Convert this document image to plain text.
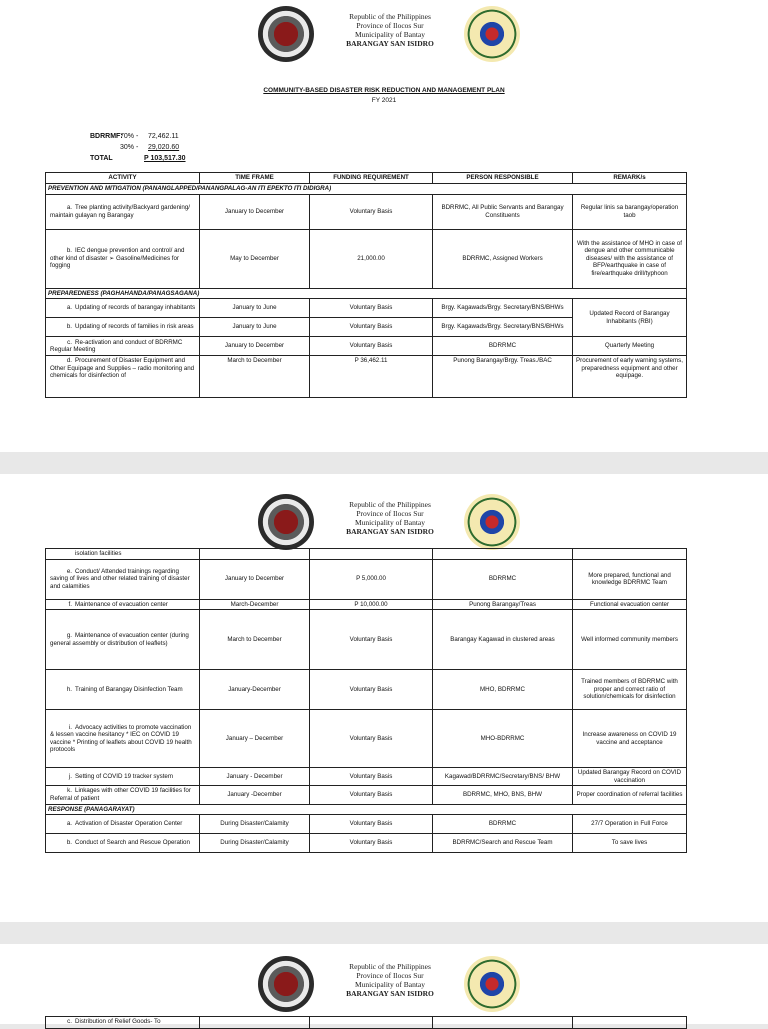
Republic of the Philippines
Province of Ilocos Sur
Municipality of Bantay
BARANGAY SAN ISIDRO
COMMUNITY-BASED DISASTER RISK REDUCTION AND MANAGEMENT PLAN
FY 2021
BDRRMF:
70% - 72,462.11
30% - 29,020.60
TOTAL	P 103,517.30
ACTIVITY	TIME FRAME	FUNDING REQUIREMENT	PERSON RESPONSIBLE	REMARK/s
PREVENTION AND MITIGATION (PANANGLAPPED/PANANGPALAG-AN ITI EPEKTO ITI DIDIGRA)				
a. Tree planting activity/Backyard gardening/ maintain gulayan ng Barangay	January to December	Voluntary Basis	BDRRMC, All Public Servants and Barangay Constituents	Regular linis sa barangay/operation taob
b. IEC dengue prevention and control/ and other kind of disaster ➢ Gasoline/Medicines for fogging	May to December	21,000.00	BDRRMC, Assigned Workers	With the assistance of MHO in case of dengue and other communicable diseases/ with the assistance of BFP/earthquake in case of fire/earthquake drill/typhoon
PREPAREDNESS (PAGHAHANDA/PANAGSAGANA)				
a. Updating of records of barangay inhabitants	January to June	Voluntary Basis	Brgy. Kagawads/Brgy. Secretary/BNS/BHWs	Updated Record of Barangay Inhabitants (RBI)
b. Updating of records of families in risk areas	January to June	Voluntary Basis	Brgy. Kagawads/Brgy. Secretary/BNS/BHWs	
c. Re-activation and conduct of BDRRMC Regular Meeting	January to December	Voluntary Basis	BDRRMC	Quarterly Meeting
d. Procurement of Disaster Equipment and Other Equipage and Supplies – radio monitoring and chemicals for disinfection of	March to December	P 36,462.11	Punong Barangay/Brgy. Treas./BAC	Procurement of early warning systems, preparedness equipment and other equipage.
Republic of the Philippines
Province of Ilocos Sur
Municipality of Bantay
BARANGAY SAN ISIDRO
isolation facilities				
e. Conduct/ Attended trainings regarding saving of lives and other related training of disaster and calamities	January to December	P 5,000.00	BDRRMC	More prepared, functional and knowledge BDRRMC Team
f. Maintenance of evacuation center	March-December	P 10,000.00	Punong Barangay/Treas	Functional evacuation center
g. Maintenance of evacuation center (during general assembly or distribution of leaflets)	March to December	Voluntary Basis	Barangay Kagawad in clustered areas	Well informed community members
h. Training of Barangay Disinfection Team	January-December	Voluntary Basis	MHO, BDRRMC	Trained members of BDRRMC with proper and correct ratio of solution/chemicals for disinfection
i. Advocacy activities to promote vaccination & lessen vaccine hesitancy * IEC on COVID 19 vaccine * Printing of leaflets about COVID 19 health protocols	January – December	Voluntary Basis	MHO-BDRRMC	Increase awareness on COVID 19 vaccine and acceptance
j. Setting of COVID 19 tracker system	January - December	Voluntary Basis	Kagawad/BDRRMC/Secretary/BNS/ BHW	Updated Barangay Record on COVID vaccination
k. Linkages with other COVID 19 facilities for Referral of patient	January -December	Voluntary Basis	BDRRMC, MHO, BNS, BHW	Proper coordination of referral facilities
RESPONSE (PANAGARAYAT)				
a. Activation of Disaster Operation Center	During Disaster/Calamity	Voluntary Basis	BDRRMC	27/7 Operation in Full Force
b. Conduct of Search and Rescue Operation	During Disaster/Calamity	Voluntary Basis	BDRRMC/Search and Rescue Team	To save lives
Republic of the Philippines
Province of Ilocos Sur
Municipality of Bantay
BARANGAY SAN ISIDRO
c. Distribution of Relief Goods- To				
